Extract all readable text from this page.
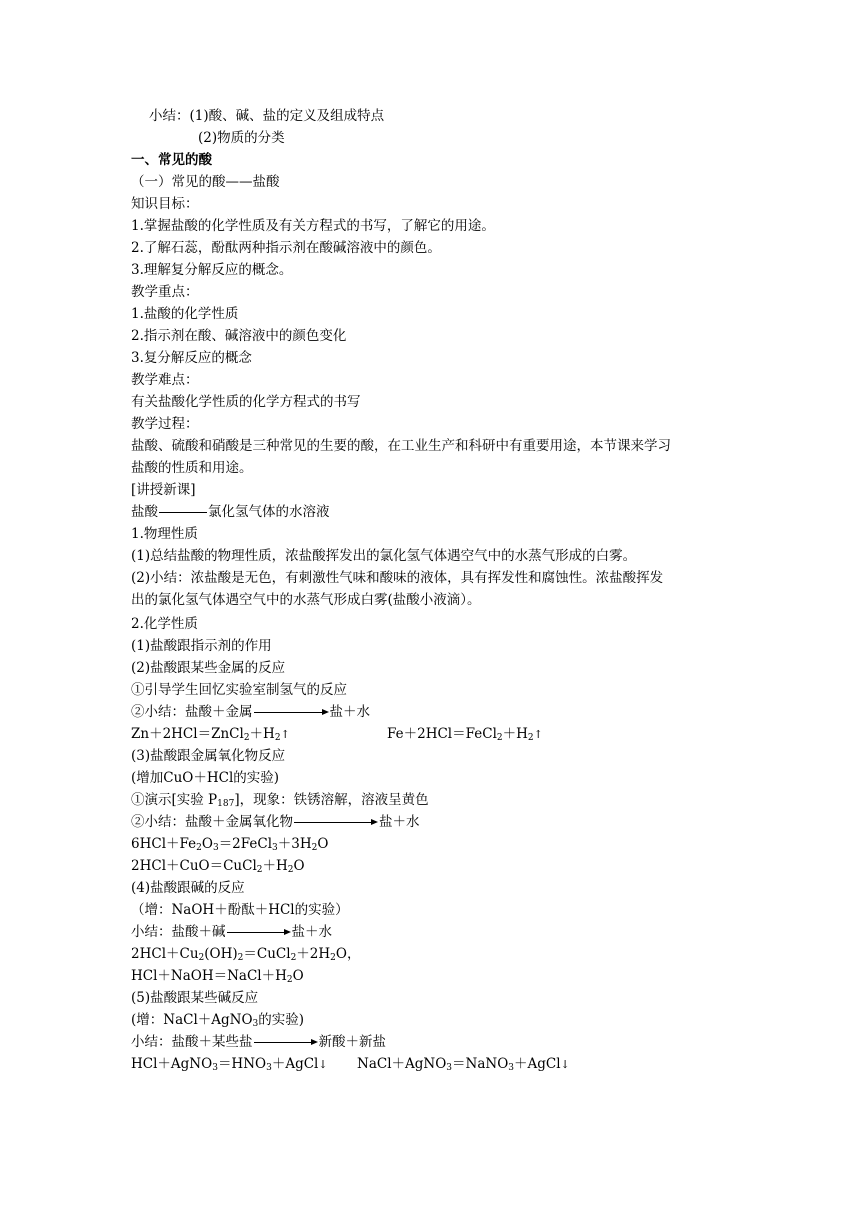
小结：(1)酸、碱、盐的定义及组成特点
(2)物质的分类
一、常见的酸
（一）常见的酸——盐酸
知识目标：
1.掌握盐酸的化学性质及有关方程式的书写，了解它的用途。
2.了解石蕊，酚酞两种指示剂在酸碱溶液中的颜色。
3.理解复分解反应的概念。
教学重点：
1.盐酸的化学性质
2.指示剂在酸、碱溶液中的颜色变化
3.复分解反应的概念
教学难点：
有关盐酸化学性质的化学方程式的书写
教学过程：
盐酸、硫酸和硝酸是三种常见的生要的酸，在工业生产和科研中有重要用途，本节课来学习
盐酸的性质和用途。
[讲授新课]
盐酸	氯化氢气体的水溶液
1.物理性质
(1)总结盐酸的物理性质，浓盐酸挥发出的氯化氢气体遇空气中的水蒸气形成的白雾。
(2)小结：浓盐酸是无色，有刺激性气味和酸味的液体，具有挥发性和腐蚀性。浓盐酸挥发
出的氯化氢气体遇空气中的水蒸气形成白雾(盐酸小液滴）。
2.化学性质
(1)盐酸跟指示剂的作用
(2)盐酸跟某些金属的反应
①引导学生回忆实验室制氢气的反应
②小结：盐酸＋金属	盐＋水
$Zn+2HCl=ZnCl_2+H_2↑$	$Fe+2HCl=FeCl_2+H_2↑$
(3)盐酸跟金属氧化物反应
(增加CuO＋HCl的实验)
①演示[实验 $P_{187}$]，现象：铁锈溶解，溶液呈黄色
②小结：盐酸＋金属氧化物	盐＋水
$6HCl+Fe_2O_3=2FeCl_3+3H_2O$
$2HCl+CuO=CuCl_2+H_2O$
(4)盐酸跟碱的反应
（增：NaOH＋酚酞＋HCl的实验）
小结：盐酸＋碱	盐＋水
$2HCl+Cu_2(OH)_2=CuCl_2+2H_2O$，
$HCl+NaOH=NaCl+H_2O$
(5)盐酸跟某些碱反应
(增：NaCl＋AgNO$_3$的实验)
小结：盐酸＋某些盐	新酸＋新盐
$HCl+AgNO_3=HNO_3+AgCl↓$ NaCl＋AgNO$_3$＝NaNO$_3$＋AgCl↓
